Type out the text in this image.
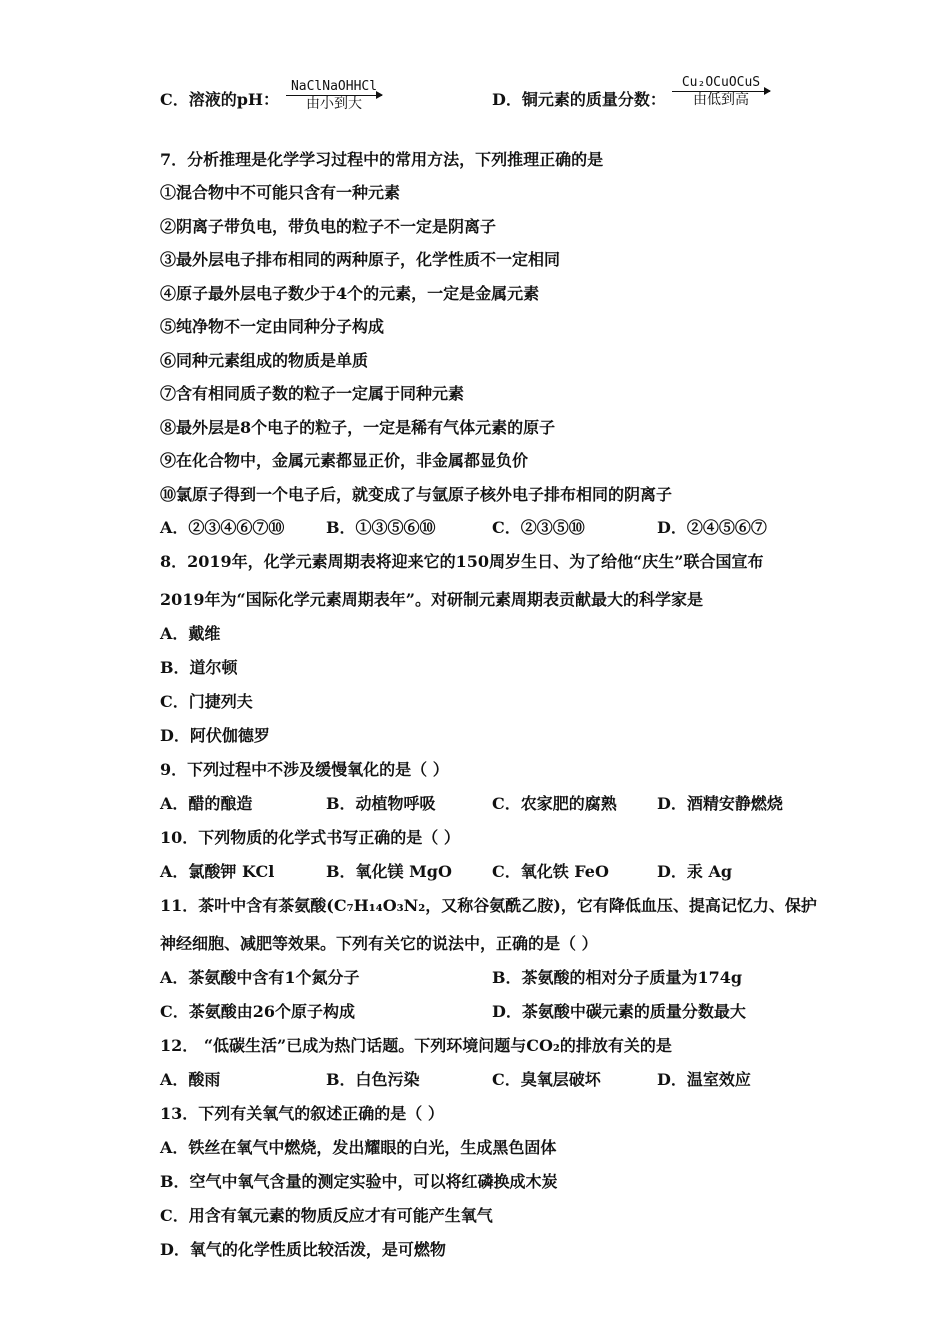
C．溶液的pH：
NaClNaOHHCl
由小到大	D．铜元素的质量分数：
Cu₂OCuOCuS
由低到高
7．分析推理是化学学习过程中的常用方法，下列推理正确的是
①混合物中不可能只含有一种元素
②阴离子带负电，带负电的粒子不一定是阴离子
③最外层电子排布相同的两种原子，化学性质不一定相同
④原子最外层电子数少于4个的元素，一定是金属元素
⑤纯净物不一定由同种分子构成
⑥同种元素组成的物质是单质
⑦含有相同质子数的粒子一定属于同种元素
⑧最外层是8个电子的粒子，一定是稀有气体元素的原子
⑨在化合物中，金属元素都显正价，非金属都显负价
⑩氯原子得到一个电子后，就变成了与氩原子核外电子排布相同的阴离子
A．②③④⑥⑦⑩	B．①③⑤⑥⑩	C．②③⑤⑩	D．②④⑤⑥⑦
8．2019年，化学元素周期表将迎来它的150周岁生日、为了给他“庆生”联合国宣布
2019年为“国际化学元素周期表年”。对研制元素周期表贡献最大的科学家是
A．戴维
B．道尔顿
C．门捷列夫
D．阿伏伽德罗
9．下列过程中不涉及缓慢氧化的是（ ）
A．醋的酿造	B．动植物呼吸	C．农家肥的腐熟	D．酒精安静燃烧
10．下列物质的化学式书写正确的是（ ）
A．氯酸钾 KCl	B．氧化镁 MgO	C．氧化铁 FeO	D．汞 Ag
11．茶叶中含有茶氨酸(C₇H₁₄O₃N₂，又称谷氨酰乙胺)，它有降低血压、提高记忆力、保护
神经细胞、减肥等效果。下列有关它的说法中，正确的是（ ）
A．茶氨酸中含有1个氮分子	B．茶氨酸的相对分子质量为174g
C．茶氨酸由26个原子构成	D．茶氨酸中碳元素的质量分数最大
12． “低碳生活”已成为热门话题。下列环境问题与CO₂的排放有关的是
A．酸雨	B．白色污染	C．臭氧层破坏	D．温室效应
13．下列有关氧气的叙述正确的是（ ）
A．铁丝在氧气中燃烧，发出耀眼的白光，生成黑色固体
B．空气中氧气含量的测定实验中，可以将红磷换成木炭
C．用含有氧元素的物质反应才有可能产生氧气
D．氧气的化学性质比较活泼，是可燃物
